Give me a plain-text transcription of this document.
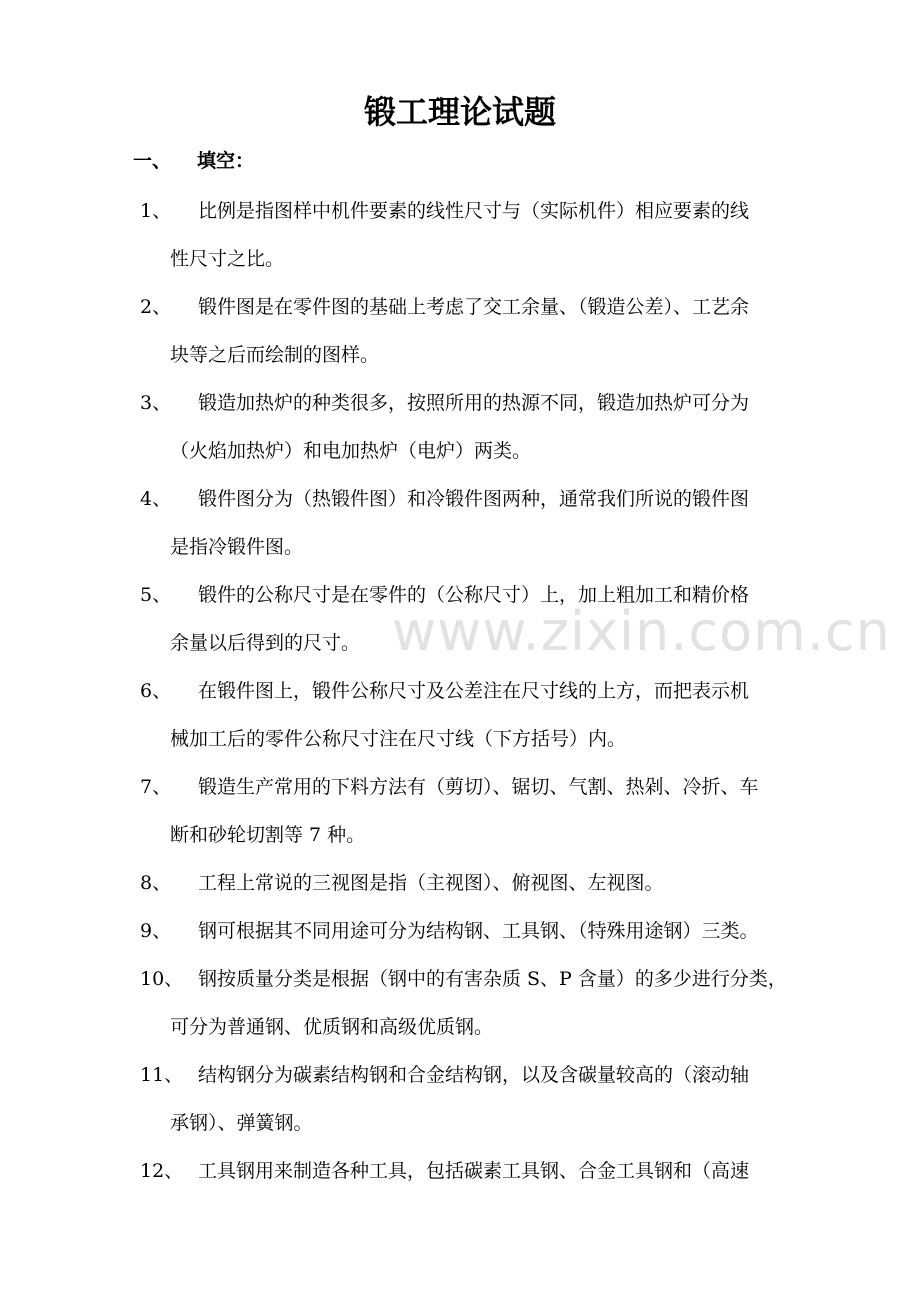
锻工理论试题
一、 填空：
1、 比例是指图样中机件要素的线性尺寸与（实际机件）相应要素的线
性尺寸之比。
2、 锻件图是在零件图的基础上考虑了交工余量、（锻造公差）、工艺余
块等之后而绘制的图样。
3、 锻造加热炉的种类很多，按照所用的热源不同，锻造加热炉可分为
（火焰加热炉）和电加热炉（电炉）两类。
4、 锻件图分为（热锻件图）和冷锻件图两种，通常我们所说的锻件图
是指冷锻件图。
5、 锻件的公称尺寸是在零件的（公称尺寸）上，加上粗加工和精价格
余量以后得到的尺寸。
6、 在锻件图上，锻件公称尺寸及公差注在尺寸线的上方，而把表示机
械加工后的零件公称尺寸注在尺寸线（下方括号）内。
7、 锻造生产常用的下料方法有（剪切）、锯切、气割、热剁、冷折、车
断和砂轮切割等 7 种。
8、 工程上常说的三视图是指（主视图）、俯视图、左视图。
9、 钢可根据其不同用途可分为结构钢、工具钢、（特殊用途钢）三类。
10、 钢按质量分类是根据（钢中的有害杂质 S、P 含量）的多少进行分类，
可分为普通钢、优质钢和高级优质钢。
11、 结构钢分为碳素结构钢和合金结构钢，以及含碳量较高的（滚动轴
承钢）、弹簧钢。
12、 工具钢用来制造各种工具，包括碳素工具钢、合金工具钢和（高速
www.zixin.com.cn
